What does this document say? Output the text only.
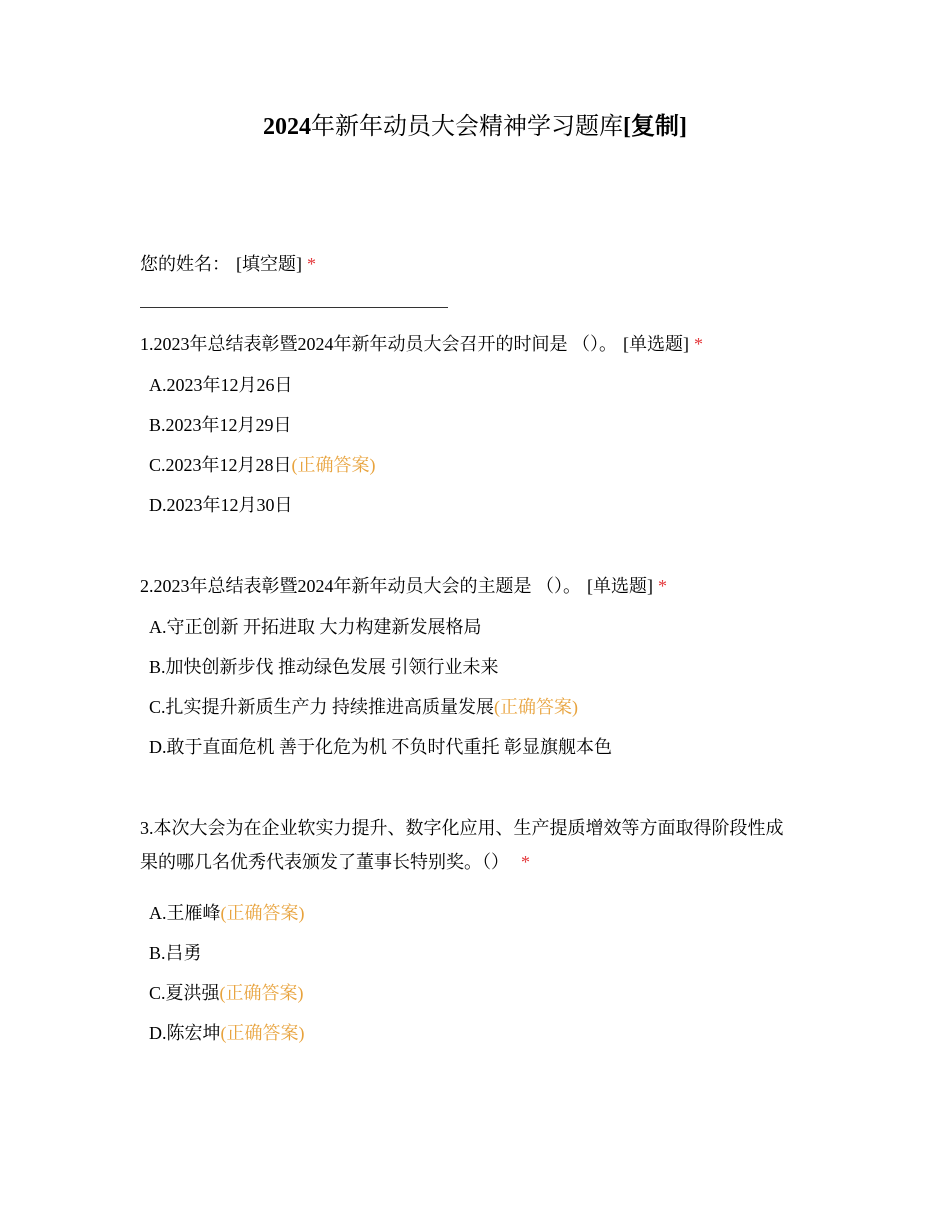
2024年新年动员大会精神学习题库[复制]

您的姓名： [填空题] *

1.2023年总结表彰暨2024年新年动员大会召开的时间是 （）。 [单选题] *

A.2023年12月26日
B.2023年12月29日
C.2023年12月28日(正确答案)
D.2023年12月30日

2.2023年总结表彰暨2024年新年动员大会的主题是 （）。 [单选题] *

A.守正创新 开拓进取 大力构建新发展格局
B.加快创新步伐 推动绿色发展 引领行业未来
C.扎实提升新质生产力 持续推进高质量发展(正确答案)
D.敢于直面危机 善于化危为机 不负时代重托 彰显旗舰本色

3.本次大会为在企业软实力提升、数字化应用、生产提质增效等方面取得阶段性成
果的哪几名优秀代表颁发了董事长特别奖。（） *

A.王雁峰(正确答案)
B.吕勇
C.夏洪强(正确答案)
D.陈宏坤(正确答案)
